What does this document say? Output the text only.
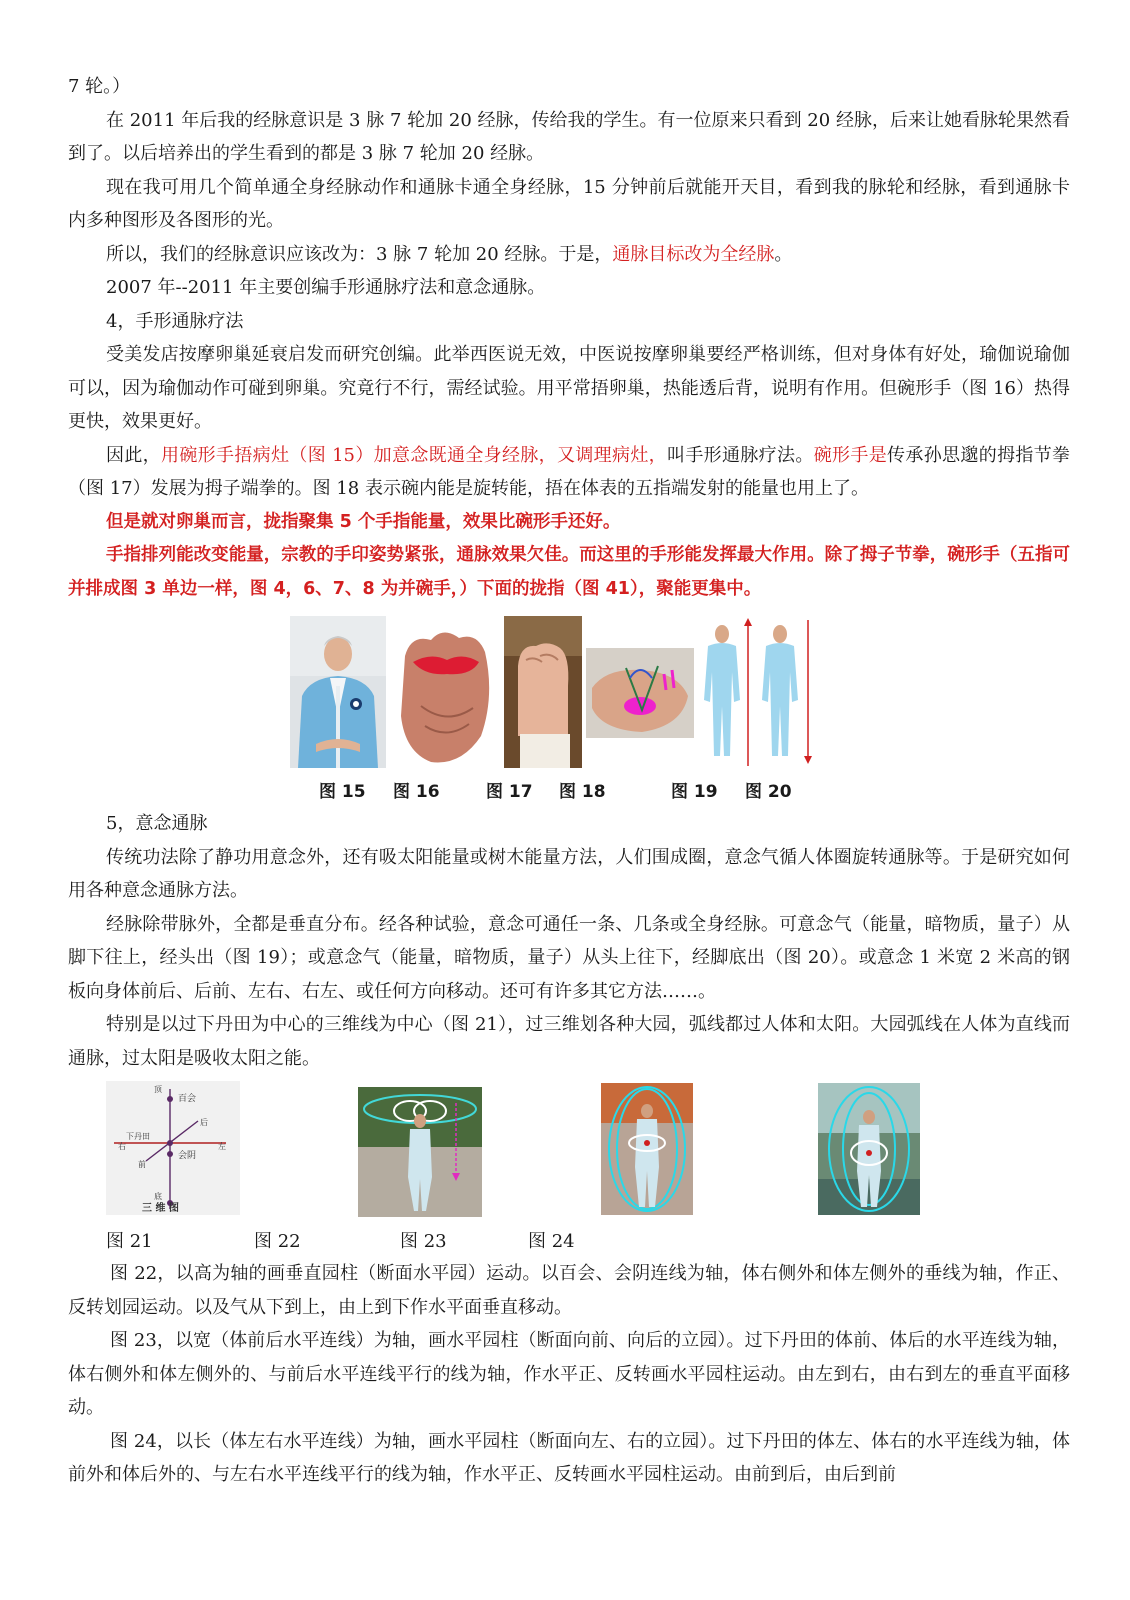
7 轮。）

在 2011 年后我的经脉意识是 3 脉 7 轮加 20 经脉，传给我的学生。有一位原来只看到 20 经脉，后来让她看脉轮果然看到了。以后培养出的学生看到的都是 3 脉 7 轮加 20 经脉。

现在我可用几个简单通全身经脉动作和通脉卡通全身经脉，15 分钟前后就能开天目，看到我的脉轮和经脉，看到通脉卡内多种图形及各图形的光。

所以，我们的经脉意识应该改为：3 脉 7 轮加 20 经脉。于是，通脉目标改为全经脉。

2007 年--2011 年主要创编手形通脉疗法和意念通脉。

4，手形通脉疗法

受美发店按摩卵巢延衰启发而研究创编。此举西医说无效，中医说按摩卵巢要经严格训练，但对身体有好处，瑜伽说瑜伽可以，因为瑜伽动作可碰到卵巢。究竟行不行，需经试验。用平常捂卵巢，热能透后背，说明有作用。但碗形手（图 16）热得更快，效果更好。

因此，用碗形手捂病灶（图 15）加意念既通全身经脉，又调理病灶，叫手形通脉疗法。碗形手是传承孙思邈的拇指节拳（图 17）发展为拇子端拳的。图 18 表示碗内能是旋转能，捂在体表的五指端发射的能量也用上了。

但是就对卵巢而言，拢指聚集 5 个手指能量，效果比碗形手还好。

手指排列能改变能量，宗教的手印姿势紧张，通脉效果欠佳。而这里的手形能发挥最大作用。除了拇子节拳，碗形手（五指可并排成图 3 单边一样，图 4，6、7、8 为并碗手，）下面的拢指（图 41），聚能更集中。

图 15 图 16	图 17 图 18	图 19 图 20

5，意念通脉

传统功法除了静功用意念外，还有吸太阳能量或树木能量方法，人们围成圈，意念气循人体圈旋转通脉等。于是研究如何用各种意念通脉方法。

经脉除带脉外，全都是垂直分布。经各种试验，意念可通任一条、几条或全身经脉。可意念气（能量，暗物质，量子）从脚下往上，经头出（图 19）；或意念气（能量，暗物质，量子）从头上往下，经脚底出（图 20）。或意念 1 米宽 2 米高的钢板向身体前后、后前、左右、右左、或任何方向移动。还可有许多其它方法……。

特别是以过下丹田为中心的三维线为中心（图 21），过三维划各种大园，弧线都过人体和太阳。大园弧线在人体为直线而通脉，过太阳是吸收太阳之能。

顶
百会
后
下丹田
右	左
前
会阴
底
三 维 图
图 21	图 22	图 23	图 24

图 22，以高为轴的画垂直园柱（断面水平园）运动。以百会、会阴连线为轴，体右侧外和体左侧外的垂线为轴，作正、反转划园运动。以及气从下到上，由上到下作水平面垂直移动。

图 23，以宽（体前后水平连线）为轴，画水平园柱（断面向前、向后的立园）。过下丹田的体前、体后的水平连线为轴，体右侧外和体左侧外的、与前后水平连线平行的线为轴，作水平正、反转画水平园柱运动。由左到右，由右到左的垂直平面移动。

图 24，以长（体左右水平连线）为轴，画水平园柱（断面向左、右的立园）。过下丹田的体左、体右的水平连线为轴，体前外和体后外的、与左右水平连线平行的线为轴，作水平正、反转画水平园柱运动。由前到后，由后到前
